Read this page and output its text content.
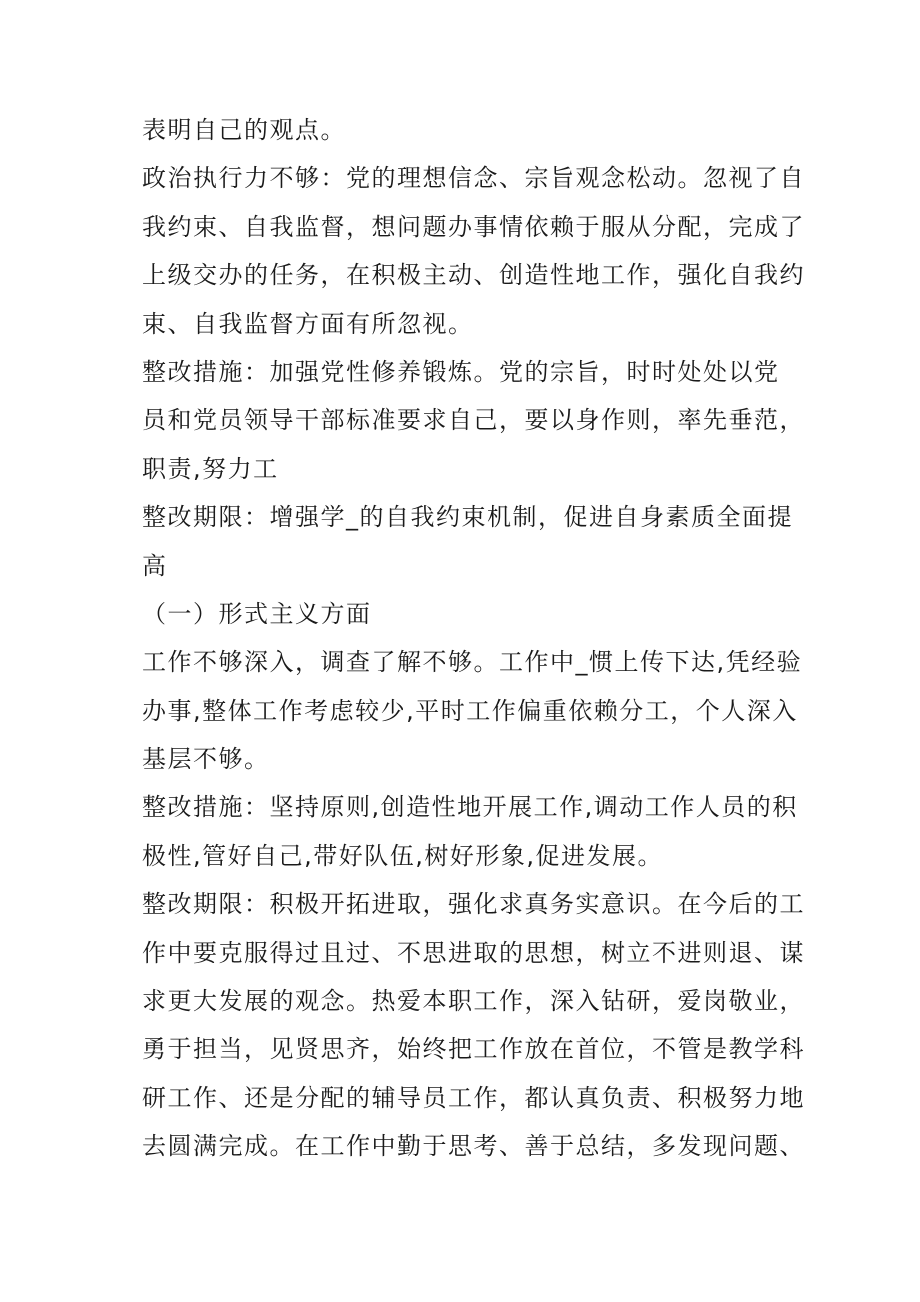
表明自己的观点。
政治执行力不够：党的理想信念、宗旨观念松动。忽视了自
我约束、自我监督，想问题办事情依赖于服从分配，完成了
上级交办的任务，在积极主动、创造性地工作，强化自我约
束、自我监督方面有所忽视。
整改措施：加强党性修养锻炼。党的宗旨，时时处处以党
员和党员领导干部标准要求自己，要以身作则，率先垂范，
职责,努力工
整改期限：增强学_的自我约束机制，促进自身素质全面提
高
（一）形式主义方面
工作不够深入，调查了解不够。工作中_惯上传下达,凭经验
办事,整体工作考虑较少,平时工作偏重依赖分工，个人深入
基层不够。
整改措施：坚持原则,创造性地开展工作,调动工作人员的积
极性,管好自己,带好队伍,树好形象,促进发展。
整改期限：积极开拓进取，强化求真务实意识。在今后的工
作中要克服得过且过、不思进取的思想，树立不进则退、谋
求更大发展的观念。热爱本职工作，深入钻研，爱岗敬业，
勇于担当，见贤思齐，始终把工作放在首位，不管是教学科
研工作、还是分配的辅导员工作，都认真负责、积极努力地
去圆满完成。在工作中勤于思考、善于总结，多发现问题、
